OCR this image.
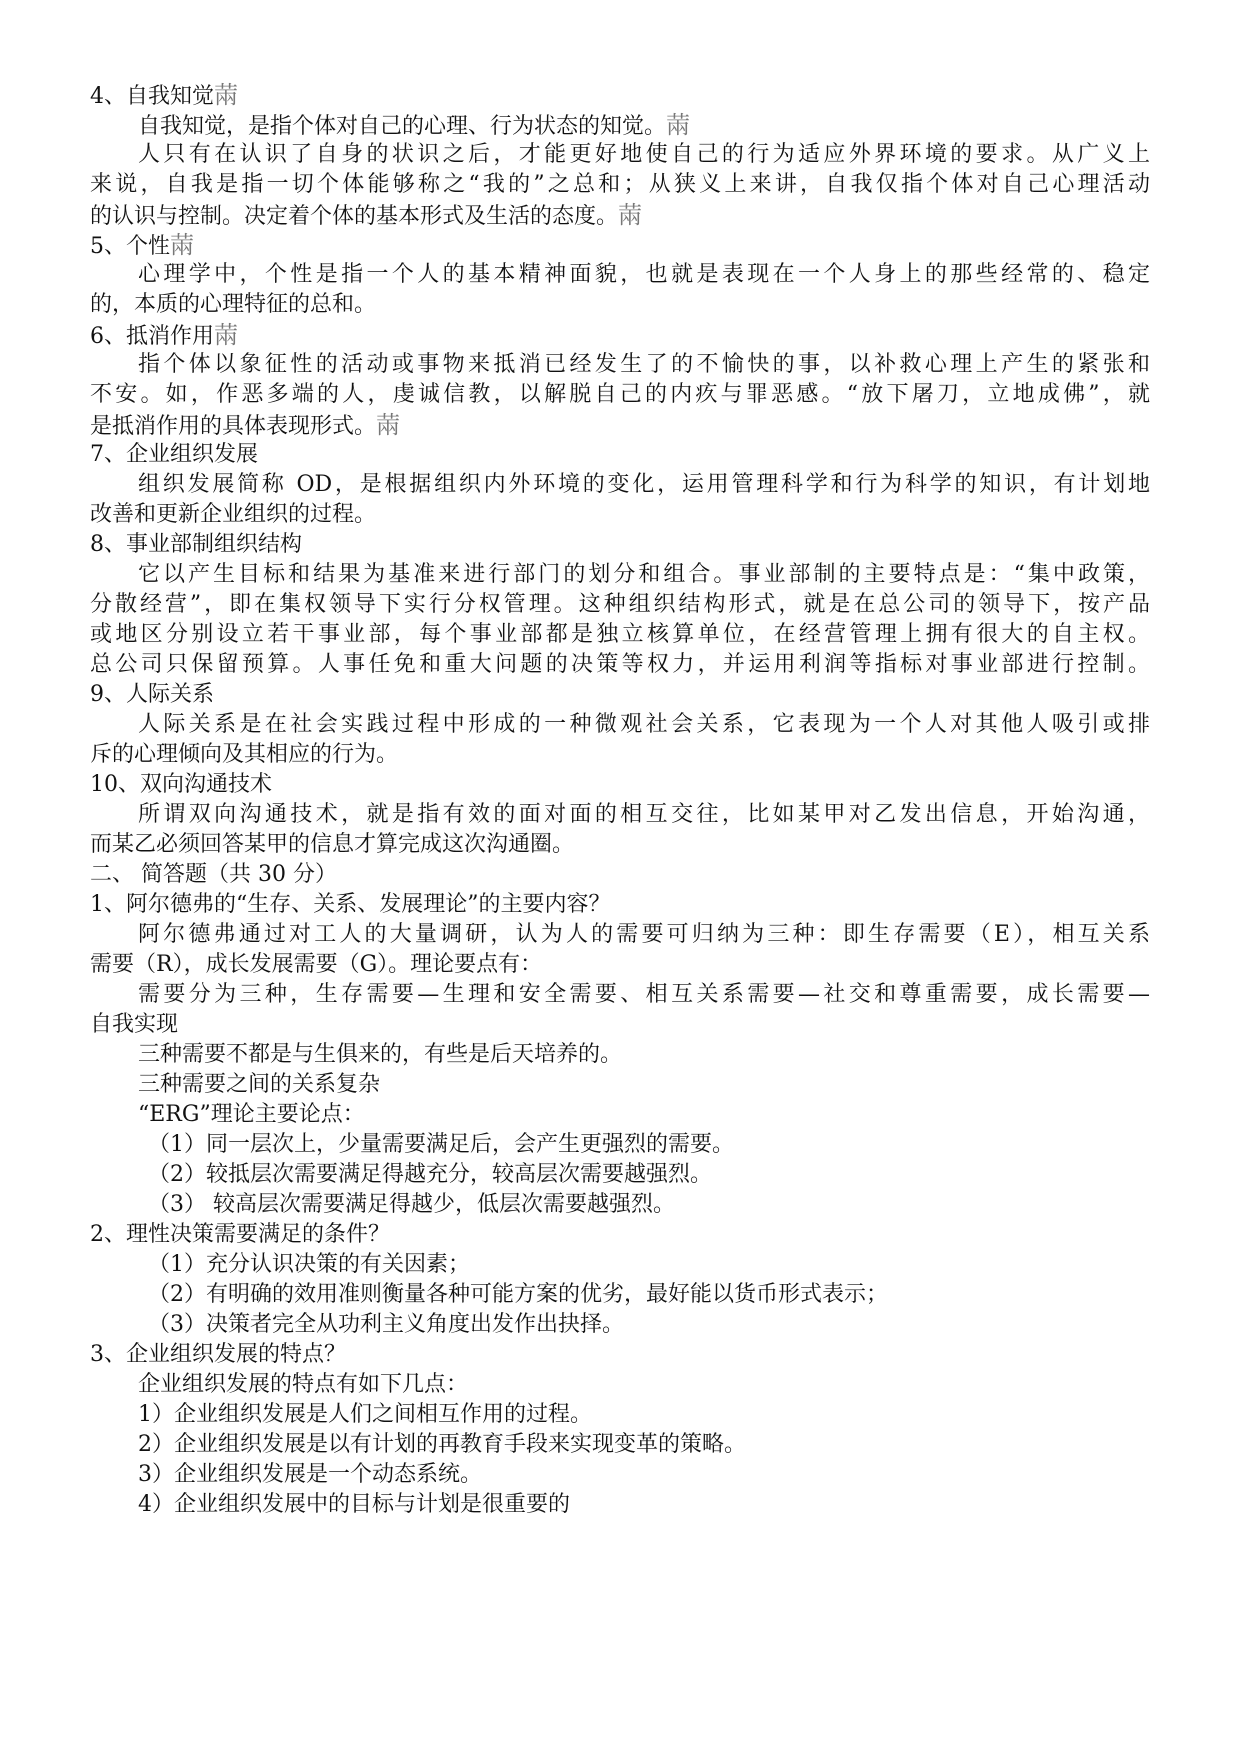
4、自我知觉䓣
自我知觉，是指个体对自己的心理、行为状态的知觉。䓣
人只有在认识了自身的状识之后，才能更好地使自己的行为适应外界环境的要求。从广义上
来说，自我是指一切个体能够称之“我的”之总和；从狭义上来讲，自我仅指个体对自己心理活动
的认识与控制。决定着个体的基本形式及生活的态度。䓣
5、个性䓣
心理学中，个性是指一个人的基本精神面貌，也就是表现在一个人身上的那些经常的、稳定
的，本质的心理特征的总和。
6、抵消作用䓣
指个体以象征性的活动或事物来抵消已经发生了的不愉快的事，以补救心理上产生的紧张和
不安。如，作恶多端的人，虔诚信教，以解脱自己的内疚与罪恶感。“放下屠刀，立地成佛”，就
是抵消作用的具体表现形式。䓣
7、企业组织发展
组织发展简称 OD，是根据组织内外环境的变化，运用管理科学和行为科学的知识，有计划地
改善和更新企业组织的过程。
8、事业部制组织结构
它以产生目标和结果为基准来进行部门的划分和组合。事业部制的主要特点是：“集中政策，
分散经营”，即在集权领导下实行分权管理。这种组织结构形式，就是在总公司的领导下，按产品
或地区分别设立若干事业部，每个事业部都是独立核算单位，在经营管理上拥有很大的自主权。
总公司只保留预算。人事任免和重大问题的决策等权力，并运用利润等指标对事业部进行控制。
9、人际关系
人际关系是在社会实践过程中形成的一种微观社会关系，它表现为一个人对其他人吸引或排
斥的心理倾向及其相应的行为。
10、双向沟通技术
所谓双向沟通技术，就是指有效的面对面的相互交往，比如某甲对乙发出信息，开始沟通，
而某乙必须回答某甲的信息才算完成这次沟通圈。
二、 简答题（共 30 分）
1、阿尔德弗的“生存、关系、发展理论”的主要内容？
阿尔德弗通过对工人的大量调研，认为人的需要可归纳为三种：即生存需要（E），相互关系
需要（R），成长发展需要（G）。理论要点有：
需要分为三种，生存需要—生理和安全需要、相互关系需要—社交和尊重需要，成长需要—
自我实现
三种需要不都是与生俱来的，有些是后天培养的。
三种需要之间的关系复杂
“ERG”理论主要论点：
（1）同一层次上，少量需要满足后，会产生更强烈的需要。
（2）较抵层次需要满足得越充分，较高层次需要越强烈。
（3） 较高层次需要满足得越少，低层次需要越强烈。
2、理性决策需要满足的条件？
（1）充分认识决策的有关因素；
（2）有明确的效用准则衡量各种可能方案的优劣，最好能以货币形式表示；
（3）决策者完全从功利主义角度出发作出抉择。
3、企业组织发展的特点？
企业组织发展的特点有如下几点：
1）企业组织发展是人们之间相互作用的过程。
2）企业组织发展是以有计划的再教育手段来实现变革的策略。
3）企业组织发展是一个动态系统。
4）企业组织发展中的目标与计划是很重要的
